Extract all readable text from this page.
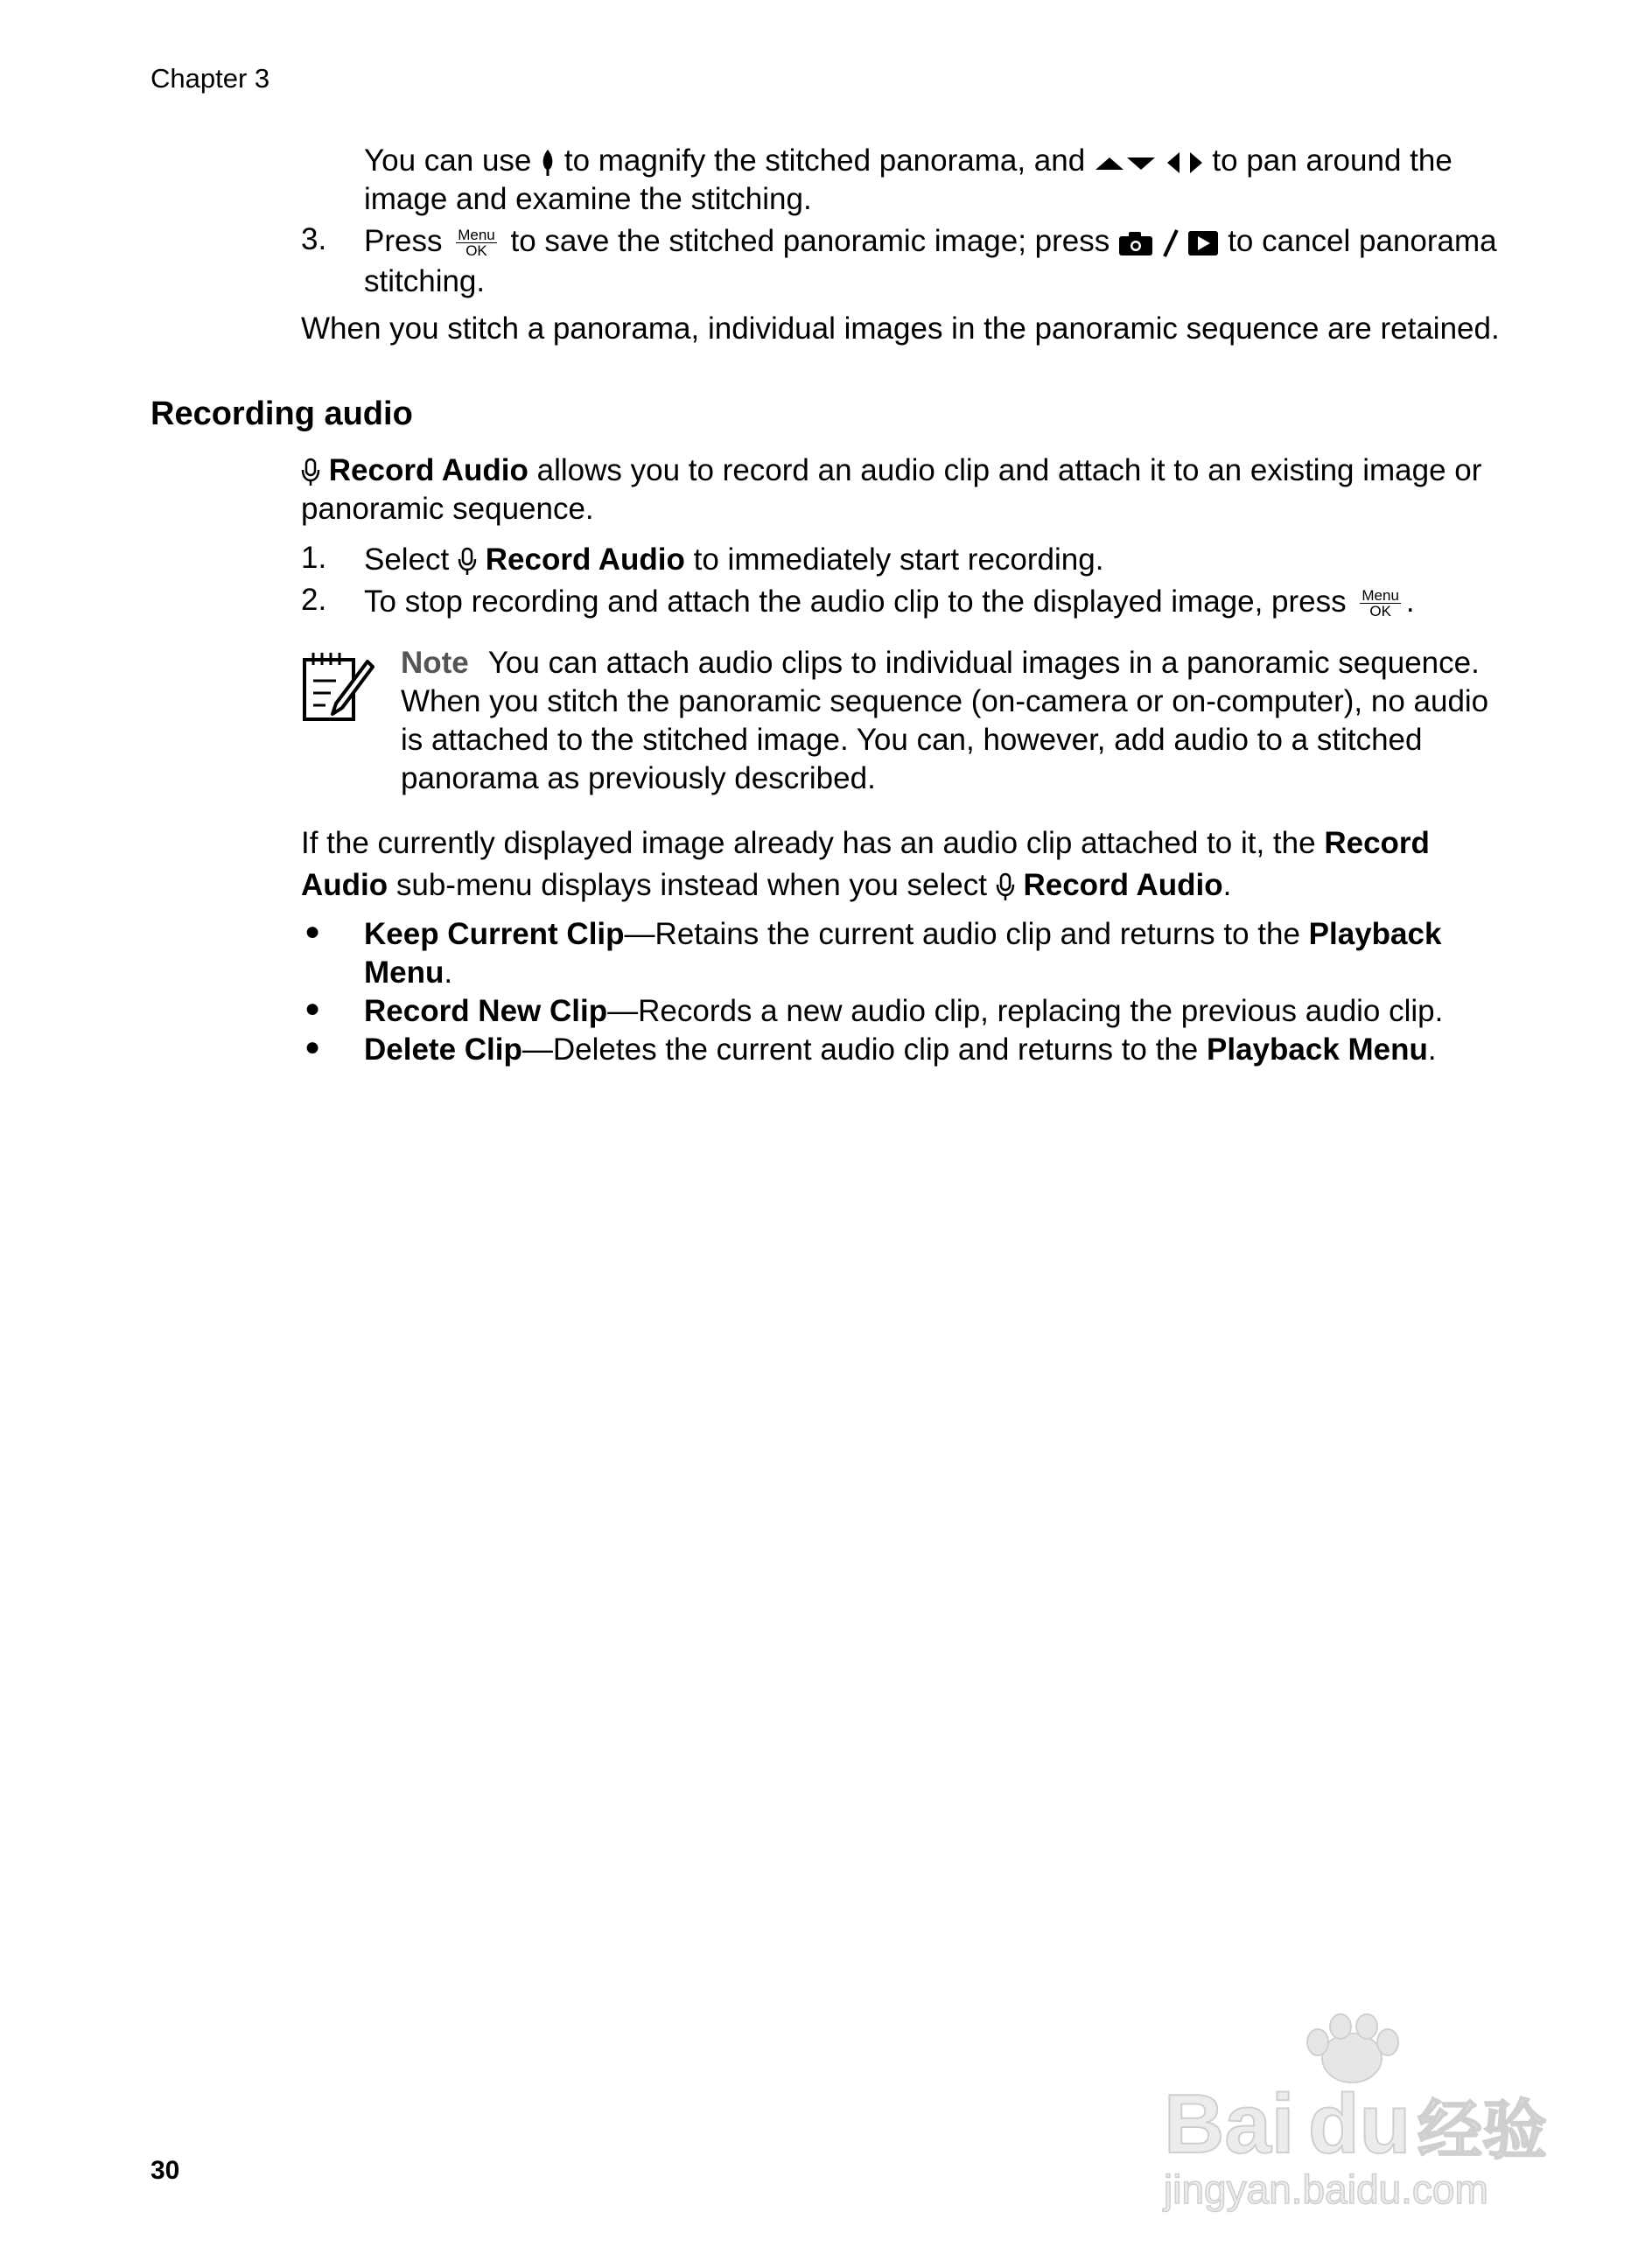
Chapter 3
You can use to magnify the stitched panorama, and	to pan around the
image and examine the stitching.
3.	Press Menu
OK to save the stitched panoramic image; press	to cancel panorama
stitching.
When you stitch a panorama, individual images in the panoramic sequence are retained.
Recording audio
Record Audio allows you to record an audio clip and attach it to an existing image or
panoramic sequence.
1.	Select Record Audio to immediately start recording.
2.	To stop recording and attach the audio clip to the displayed image, press Menu
OK .
Note You can attach audio clips to individual images in a panoramic sequence.
When you stitch the panoramic sequence (on-camera or on-computer), no audio
is attached to the stitched image. You can, however, add audio to a stitched
panorama as previously described.
If the currently displayed image already has an audio clip attached to it, the Record
Audio sub-menu displays instead when you select Record Audio.
● Keep Current Clip—Retains the current audio clip and returns to the Playback
Menu.
● Record New Clip—Records a new audio clip, replacing the previous audio clip.
● Delete Clip—Deletes the current audio clip and returns to the Playback Menu.
30	Bai du 经验
jingyan.baidu.com
